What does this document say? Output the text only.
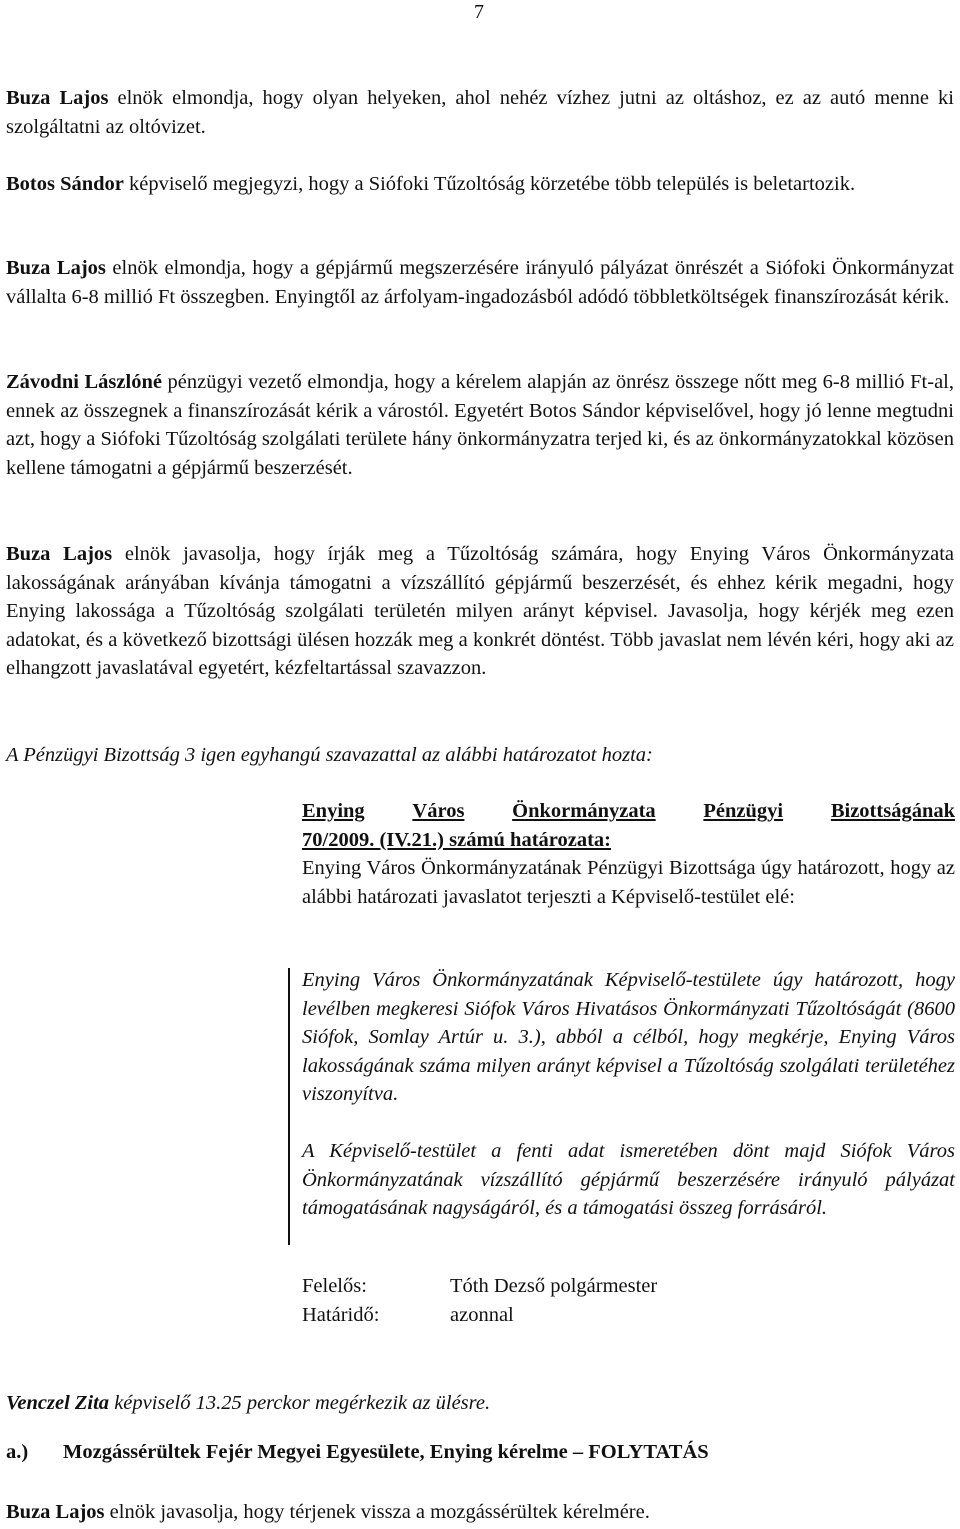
7

Buza Lajos elnök elmondja, hogy olyan helyeken, ahol nehéz vízhez jutni az oltáshoz, ez az autó menne ki szolgáltatni az oltóvizet.

Botos Sándor képviselő megjegyzi, hogy a Siófoki Tűzoltóság körzetébe több település is beletartozik.

Buza Lajos elnök elmondja, hogy a gépjármű megszerzésére irányuló pályázat önrészét a Siófoki Önkormányzat vállalta 6-8 millió Ft összegben. Enyingtől az árfolyam-ingadozásból adódó többletköltségek finanszírozását kérik.

Závodni Lászlóné pénzügyi vezető elmondja, hogy a kérelem alapján az önrész összege nőtt meg 6-8 millió Ft-al, ennek az összegnek a finanszírozását kérik a várostól. Egyetért Botos Sándor képviselővel, hogy jó lenne megtudni azt, hogy a Siófoki Tűzoltóság szolgálati területe hány önkormányzatra terjed ki, és az önkormányzatokkal közösen kellene támogatni a gépjármű beszerzését.

Buza Lajos elnök javasolja, hogy írják meg a Tűzoltóság számára, hogy Enying Város Önkormányzata lakosságának arányában kívánja támogatni a vízszállító gépjármű beszerzését, és ehhez kérik megadni, hogy Enying lakossága a Tűzoltóság szolgálati területén milyen arányt képvisel. Javasolja, hogy kérjék meg ezen adatokat, és a következő bizottsági ülésen hozzák meg a konkrét döntést. Több javaslat nem lévén kéri, hogy aki az elhangzott javaslatával egyetért, kézfeltartással szavazzon.

A Pénzügyi Bizottság 3 igen egyhangú szavazattal az alábbi határozatot hozta:

Enying Város Önkormányzata Pénzügyi Bizottságának
70/2009. (IV.21.) számú határozata:
Enying Város Önkormányzatának Pénzügyi Bizottsága úgy határozott, hogy az alábbi határozati javaslatot terjeszti a Képviselő-testület elé:

Enying Város Önkormányzatának Képviselő-testülete úgy határozott, hogy levélben megkeresi Siófok Város Hivatásos Önkormányzati Tűzoltóságát (8600 Siófok, Somlay Artúr u. 3.), abból a célból, hogy megkérje, Enying Város lakosságának száma milyen arányt képvisel a Tűzoltóság szolgálati területéhez viszonyítva.

A Képviselő-testület a fenti adat ismeretében dönt majd Siófok Város Önkormányzatának vízszállító gépjármű beszerzésére irányuló pályázat támogatásának nagyságáról, és a támogatási összeg forrásáról.

Felelős:	Tóth Dezső polgármester
Határidő:	azonnal

Venczel Zita képviselő 13.25 perckor megérkezik az ülésre.

a.)	Mozgássérültek Fejér Megyei Egyesülete, Enying kérelme – FOLYTATÁS

Buza Lajos elnök javasolja, hogy térjenek vissza a mozgássérültek kérelmére.
